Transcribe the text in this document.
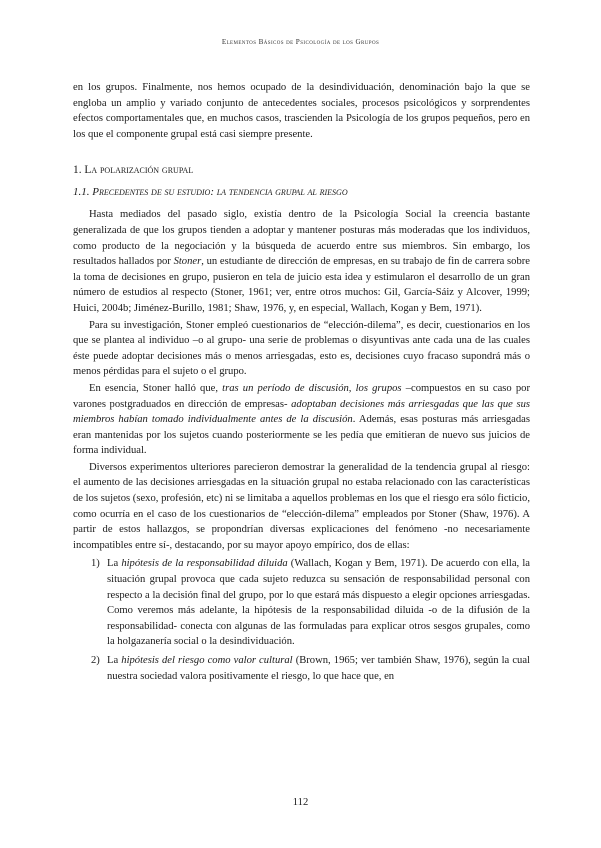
Elementos Básicos de Psicología de los Grupos

en los grupos. Finalmente, nos hemos ocupado de la desindividuación, denominación bajo la que se engloba un amplio y variado conjunto de antecedentes sociales, procesos psicológicos y sorprendentes efectos comportamentales que, en muchos casos, trascienden la Psicología de los grupos pequeños, pero en los que el componente grupal está casi siempre presente.

1. La polarización grupal
1.1. Precedentes de su estudio: la tendencia grupal al riesgo

Hasta mediados del pasado siglo, existía dentro de la Psicología Social la creencia bastante generalizada de que los grupos tienden a adoptar y mantener posturas más moderadas que los individuos, como producto de la negociación y la búsqueda de acuerdo entre sus miembros. Sin embargo, los resultados hallados por Stoner, un estudiante de dirección de empresas, en su trabajo de fin de carrera sobre la toma de decisiones en grupo, pusieron en tela de juicio esta idea y estimularon el desarrollo de un gran número de estudios al respecto (Stoner, 1961; ver, entre otros muchos: Gil, García-Sáiz y Alcover, 1999; Huici, 2004b; Jiménez-Burillo, 1981; Shaw, 1976, y, en especial, Wallach, Kogan y Bem, 1971).

Para su investigación, Stoner empleó cuestionarios de “elección-dilema”, es decir, cuestionarios en los que se plantea al individuo –o al grupo- una serie de problemas o disyuntivas ante cada una de las cuales éste puede adoptar decisiones más o menos arriesgadas, esto es, decisiones cuyo fracaso supondrá más o menos pérdidas para el sujeto o el grupo.

En esencia, Stoner halló que, tras un período de discusión, los grupos –compuestos en su caso por varones postgraduados en dirección de empresas- adoptaban decisiones más arriesgadas que las que sus miembros habían tomado individualmente antes de la discusión. Además, esas posturas más arriesgadas eran mantenidas por los sujetos cuando posteriormente se les pedía que emitieran de nuevo sus juicios de forma individual.

Diversos experimentos ulteriores parecieron demostrar la generalidad de la tendencia grupal al riesgo: el aumento de las decisiones arriesgadas en la situación grupal no estaba relacionado con las características de los sujetos (sexo, profesión, etc) ni se limitaba a aquellos problemas en los que el riesgo era sólo ficticio, como ocurría en el caso de los cuestionarios de “elección-dilema” empleados por Stoner (Shaw, 1976). A partir de estos hallazgos, se propondrían diversas explicaciones del fenómeno -no necesariamente incompatibles entre sí-, destacando, por su mayor apoyo empírico, dos de ellas:

1) La hipótesis de la responsabilidad diluida (Wallach, Kogan y Bem, 1971). De acuerdo con ella, la situación grupal provoca que cada sujeto reduzca su sensación de responsabilidad personal con respecto a la decisión final del grupo, por lo que estará más dispuesto a elegir opciones arriesgadas. Como veremos más adelante, la hipótesis de la responsabilidad diluida -o de la difusión de la responsabilidad- conecta con algunas de las formuladas para explicar otros sesgos grupales, como la holgazanería social o la desindividuación.
2) La hipótesis del riesgo como valor cultural (Brown, 1965; ver también Shaw, 1976), según la cual nuestra sociedad valora positivamente el riesgo, lo que hace que, en
112
